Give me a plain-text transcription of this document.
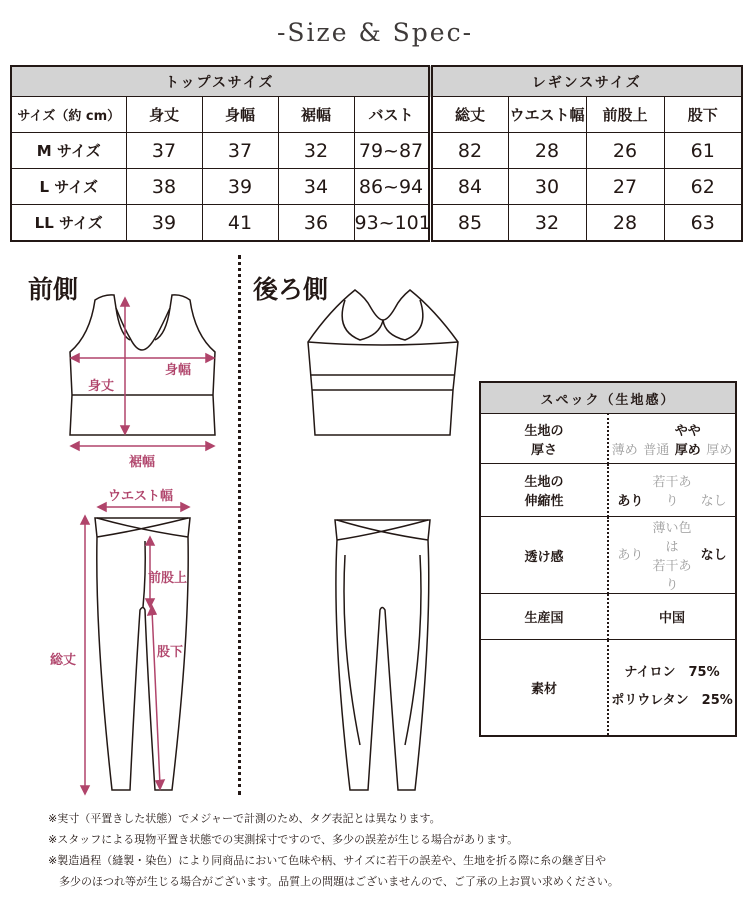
-Size & Spec-
トップスサイズ					レギンスサイズ			
サイズ（約 cm）	身丈	身幅	裾幅	バスト	総丈	ウエスト幅	前股上	股下
M サイズ	37	37	32	79~87	82	28	26	61
L サイズ	38	39	34	86~94	84	30	27	62
LL サイズ	39	41	36	93~101	85	32	28	63
前側	後ろ側
身丈
身幅
裾幅
ウエスト幅
前股上
股下
総丈
スペック（生地感）	
生地の
厚さ	薄め 普通やや厚め 厚め
生地の
伸縮性	あり若干あり なし
透け感	あり薄い色は
若干ありなし
生産国	中国
素材	ナイロン　75%
ポリウレタン　25%
※実寸（平置きした状態）でメジャーで計測のため、タグ表記とは異なります。
※スタッフによる現物平置き状態での実測採寸ですので、多少の誤差が生じる場合があります。
※製造過程（縫製・染色）により同商品において色味や柄、サイズに若干の誤差や、生地を折る際に糸の継ぎ目や
　多少のほつれ等が生じる場合がございます。品質上の問題はございませんので、ご了承の上お買い求めください。
